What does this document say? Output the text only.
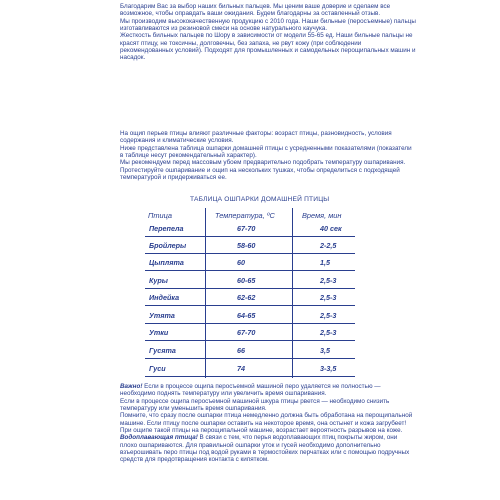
Благодарим Вас за выбор наших бильных пальцев. Мы ценим ваше доверие и сделаем все возможное, чтобы оправдать ваши ожидания. Будем благодарны за оставленный отзыв.

Мы производим высококачественную продукцию с 2010 года. Наши бильные (перосъемные) пальцы изготавливаются из резиновой смеси на основе натурального каучука.

Жесткость бильных пальцев по Шору в зависимости от модели 55-65 ед. Наши бильные пальцы не красят птицу, не токсичны, долговечны, без запаха, не рвут кожу (при соблюдении рекомендованных условий). Подходят для промышленных и самодельных перощипальных машин и насадок.

На ощип перьев птицы влияют различные факторы: возраст птицы, разновидность, условия содержания и климатические условия.

Ниже представлена таблица ошпарки домашней птицы с усредненными показателями (показатели в таблице несут рекомендательный характер).

Мы рекомендуем перед массовым убоем предварительно подобрать температуру ошпаривания. Протестируйте ошпаривание и ощип на нескольких тушках, чтобы определиться с подходящей температурой и придерживаться ее.

ТАБЛИЦА ОШПАРКИ ДОМАШНЕЙ ПТИЦЫ
Птица	Температура, ºС	Время, мин
Перепела	67-70	40 сек
Бройлеры	58-60	2-2,5
Цыплята	60	1,5
Куры	60-65	2,5-3
Индейка	62-62	2,5-3
Утята	64-65	2,5-3
Утки	67-70	2,5-3
Гусята	66	3,5
Гуси	74	3-3,5

Важно! Если в процессе ощипа перосъемной машиной перо удаляется не полностью — необходимо поднять температуру или увеличить время ошпаривания.

Если в процессе ощипа перосъемной машиной шкура птицы рвется — необходимо снизить температуру или уменьшить время ошпаривания.

Помните, что сразу после ошпарки птица немедленно должна быть обработана на перощипальной машине. Если птицу после ошпарки оставить на некоторое время, она остынет и кожа загрубеет! При ощипе такой птицы на перощипальной машине, возрастает вероятность разрывов на коже.

Водоплавающая птица! В связи с тем, что перья водоплавающих птиц покрыты жиром, они плохо ошпариваются. Для правильной ошпарки уток и гусей необходимо дополнительно взъерошивать перо птицы под водой руками в термостойких перчатках или с помощью подручных средств для предотвращения контакта с кипятком.
